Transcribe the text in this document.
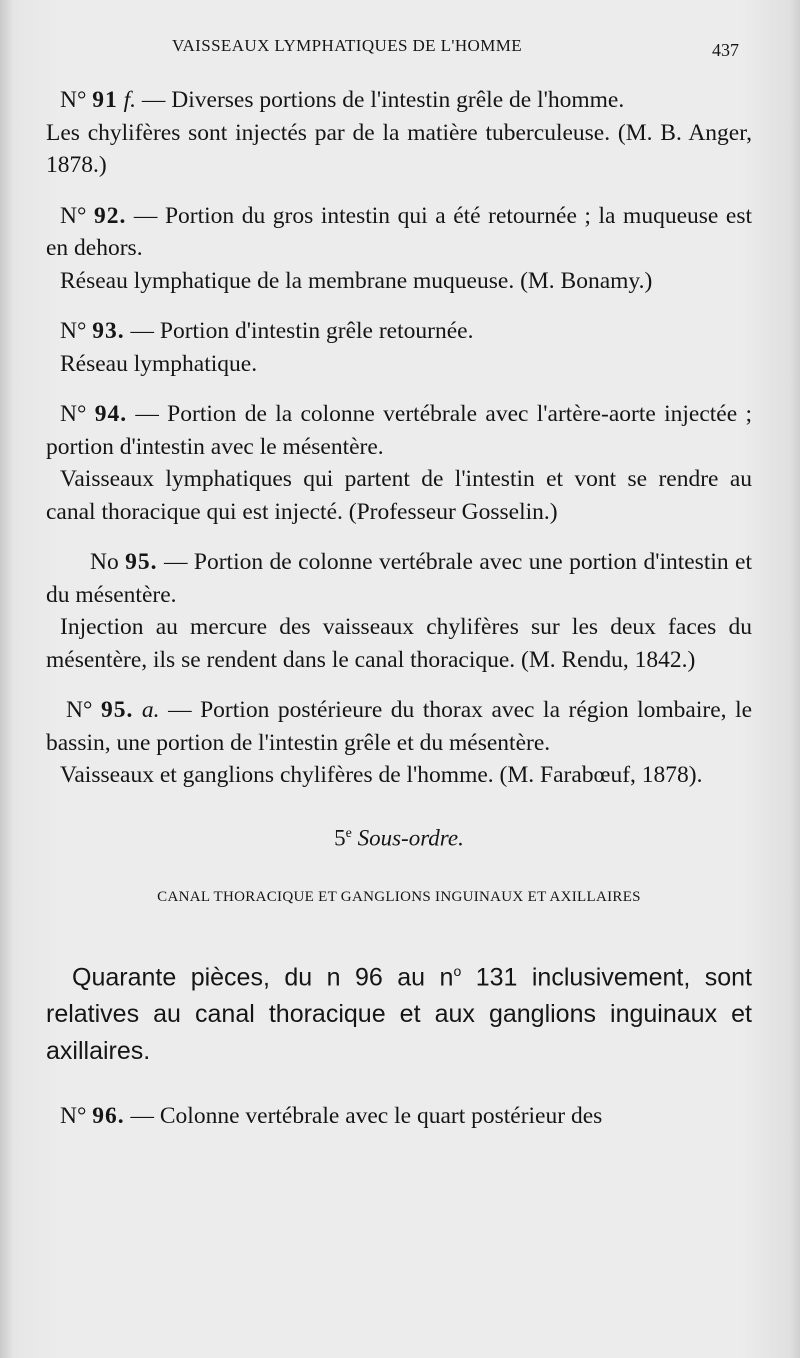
VAISSEAUX LYMPHATIQUES DE L'HOMME	437

N° 91 f. — Diverses portions de l'intestin grêle de l'homme.

Les chylifères sont injectés par de la matière tuberculeuse. (M. B. Anger, 1878.)

N° 92. — Portion du gros intestin qui a été retournée ; la muqueuse est en dehors.

Réseau lymphatique de la membrane muqueuse. (M. Bonamy.)

N° 93. — Portion d'intestin grêle retournée.

Réseau lymphatique.

N° 94. — Portion de la colonne vertébrale avec l'artère-aorte injectée ; portion d'intestin avec le mésentère.

Vaisseaux lymphatiques qui partent de l'intestin et vont se rendre au canal thoracique qui est injecté. (Professeur Gosselin.)

No 95. — Portion de colonne vertébrale avec une portion d'intestin et du mésentère.

Injection au mercure des vaisseaux chylifères sur les deux faces du mésentère, ils se rendent dans le canal thoracique. (M. Rendu, 1842.)

N° 95. a. — Portion postérieure du thorax avec la région lombaire, le bassin, une portion de l'intestin grêle et du mésentère.

Vaisseaux et ganglions chylifères de l'homme. (M. Farabœuf, 1878).

5e Sous-ordre.
CANAL THORACIQUE ET GANGLIONS INGUINAUX ET AXILLAIRES

Quarante pièces, du n 96 au $n^o$ 131 inclusivement, sont relatives au canal thoracique et aux ganglions inguinaux et axillaires.

N° 96. — Colonne vertébrale avec le quart postérieur des
